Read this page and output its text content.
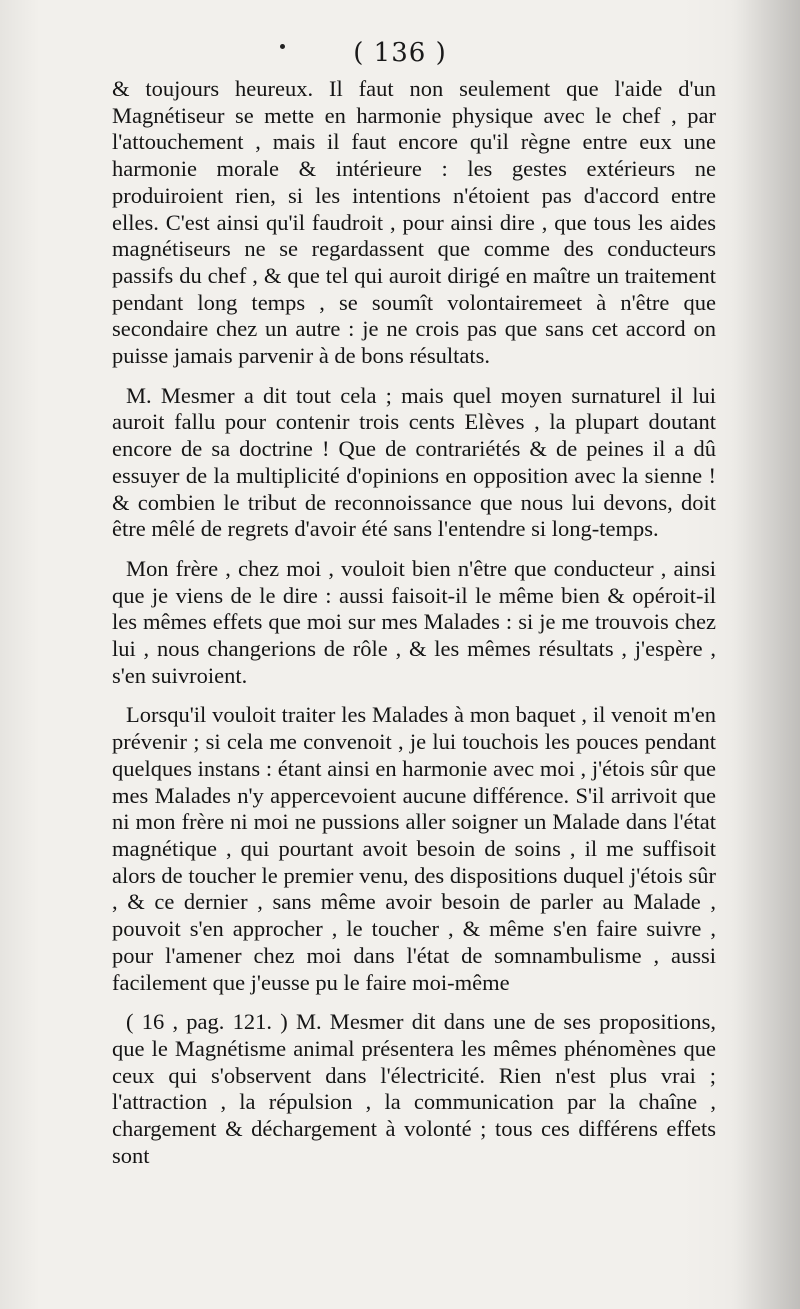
( 136 )

& toujours heureux. Il faut non seulement que l'aide d'un Magnétiseur se mette en harmonie physique avec le chef , par l'attouchement , mais il faut encore qu'il règne entre eux une harmonie morale & intérieure : les gestes extérieurs ne produiroient rien, si les intentions n'étoient pas d'accord entre elles. C'est ainsi qu'il faudroit , pour ainsi dire , que tous les aides magnétiseurs ne se regardassent que comme des conducteurs passifs du chef , & que tel qui auroit dirigé en maître un traitement pendant long temps , se soumît volontairemeet à n'être que secondaire chez un autre : je ne crois pas que sans cet accord on puisse jamais parvenir à de bons résultats.

M. Mesmer a dit tout cela ; mais quel moyen surnaturel il lui auroit fallu pour contenir trois cents Elèves , la plupart doutant encore de sa doctrine ! Que de contrariétés & de peines il a dû essuyer de la multiplicité d'opinions en opposition avec la sienne ! & combien le tribut de reconnoissance que nous lui devons, doit être mêlé de regrets d'avoir été sans l'entendre si long-temps.

Mon frère , chez moi , vouloit bien n'être que conducteur , ainsi que je viens de le dire : aussi faisoit-il le même bien & opéroit-il les mêmes effets que moi sur mes Malades : si je me trouvois chez lui , nous changerions de rôle , & les mêmes résultats , j'espère , s'en suivroient.

Lorsqu'il vouloit traiter les Malades à mon baquet , il venoit m'en prévenir ; si cela me convenoit , je lui touchois les pouces pendant quelques instans : étant ainsi en harmonie avec moi , j'étois sûr que mes Malades n'y appercevoient aucune différence. S'il arrivoit que ni mon frère ni moi ne pussions aller soigner un Malade dans l'état magnétique , qui pourtant avoit besoin de soins , il me suffisoit alors de toucher le premier venu, des dispositions duquel j'étois sûr , & ce dernier , sans même avoir besoin de parler au Malade , pouvoit s'en approcher , le toucher , & même s'en faire suivre , pour l'amener chez moi dans l'état de somnambulisme , aussi facilement que j'eusse pu le faire moi-même

( 16 , pag. 121. ) M. Mesmer dit dans une de ses propositions, que le Magnétisme animal présentera les mêmes phénomènes que ceux qui s'observent dans l'électricité. Rien n'est plus vrai ; l'attraction , la répulsion , la communication par la chaîne , chargement & déchargement à volonté ; tous ces différens effets sont
